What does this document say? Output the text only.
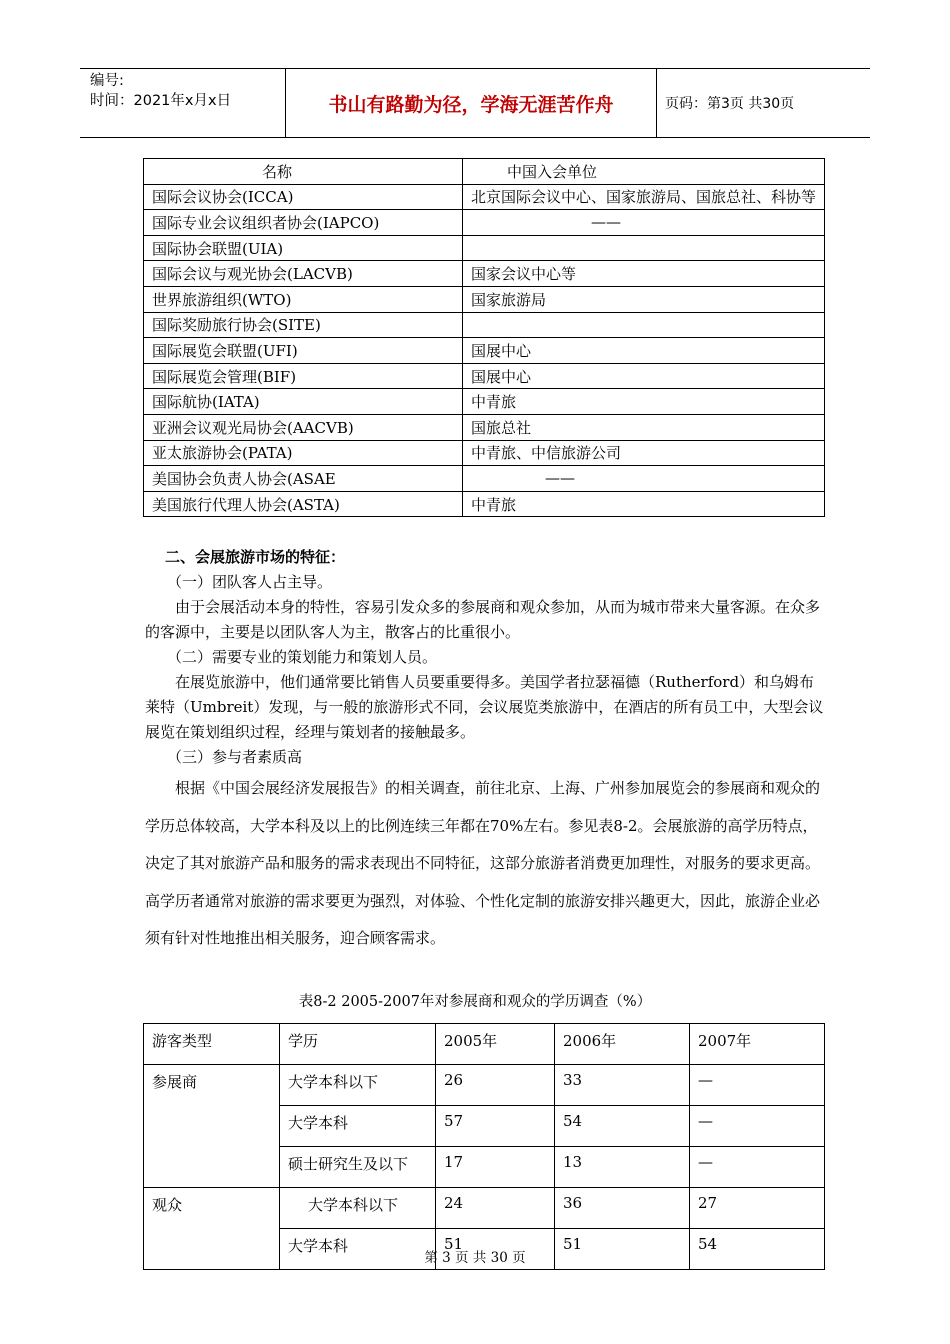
编号:
时间：2021年x月x日	书山有路勤为径，学海无涯苦作舟	页码：第3页 共30页
名称	中国入会单位
国际会议协会(ICCA)	北京国际会议中心、国家旅游局、国旅总社、科协等
国际专业会议组织者协会(IAPCO)	——
国际协会联盟(UIA)	
国际会议与观光协会(LACVB)	国家会议中心等
世界旅游组织(WTO)	国家旅游局
国际奖励旅行协会(SITE)	
国际展览会联盟(UFI)	国展中心
国际展览会管理(BIF)	国展中心
国际航协(IATA)	中青旅
亚洲会议观光局协会(AACVB)	国旅总社
亚太旅游协会(PATA)	中青旅、中信旅游公司
美国协会负责人协会(ASAE	——
美国旅行代理人协会(ASTA)	中青旅
二、会展旅游市场的特征：
（一）团队客人占主导。
由于会展活动本身的特性，容易引发众多的参展商和观众参加，从而为城市带来大量客源。在众多的客源中，主要是以团队客人为主，散客占的比重很小。
（二）需要专业的策划能力和策划人员。
在展览旅游中，他们通常要比销售人员要重要得多。美国学者拉瑟福德（Rutherford）和乌姆布莱特（Umbreit）发现，与一般的旅游形式不同，会议展览类旅游中，在酒店的所有员工中，大型会议展览在策划组织过程，经理与策划者的接触最多。
（三）参与者素质高
根据《中国会展经济发展报告》的相关调查，前往北京、上海、广州参加展览会的参展商和观众的学历总体较高，大学本科及以上的比例连续三年都在70%左右。参见表8-2。会展旅游的高学历特点，决定了其对旅游产品和服务的需求表现出不同特征，这部分旅游者消费更加理性，对服务的要求更高。高学历者通常对旅游的需求要更为强烈，对体验、个性化定制的旅游安排兴趣更大，因此，旅游企业必须有针对性地推出相关服务，迎合顾客需求。
表8-2 2005-2007年对参展商和观众的学历调查（%）
游客类型	学历	2005年	2006年	2007年
参展商	大学本科以下	26	33	—
	大学本科	57	54	—
	硕士研究生及以下	17	13	—
观众	大学本科以下	24	36	27
	大学本科	51	51	54
第 3 页 共 30 页
